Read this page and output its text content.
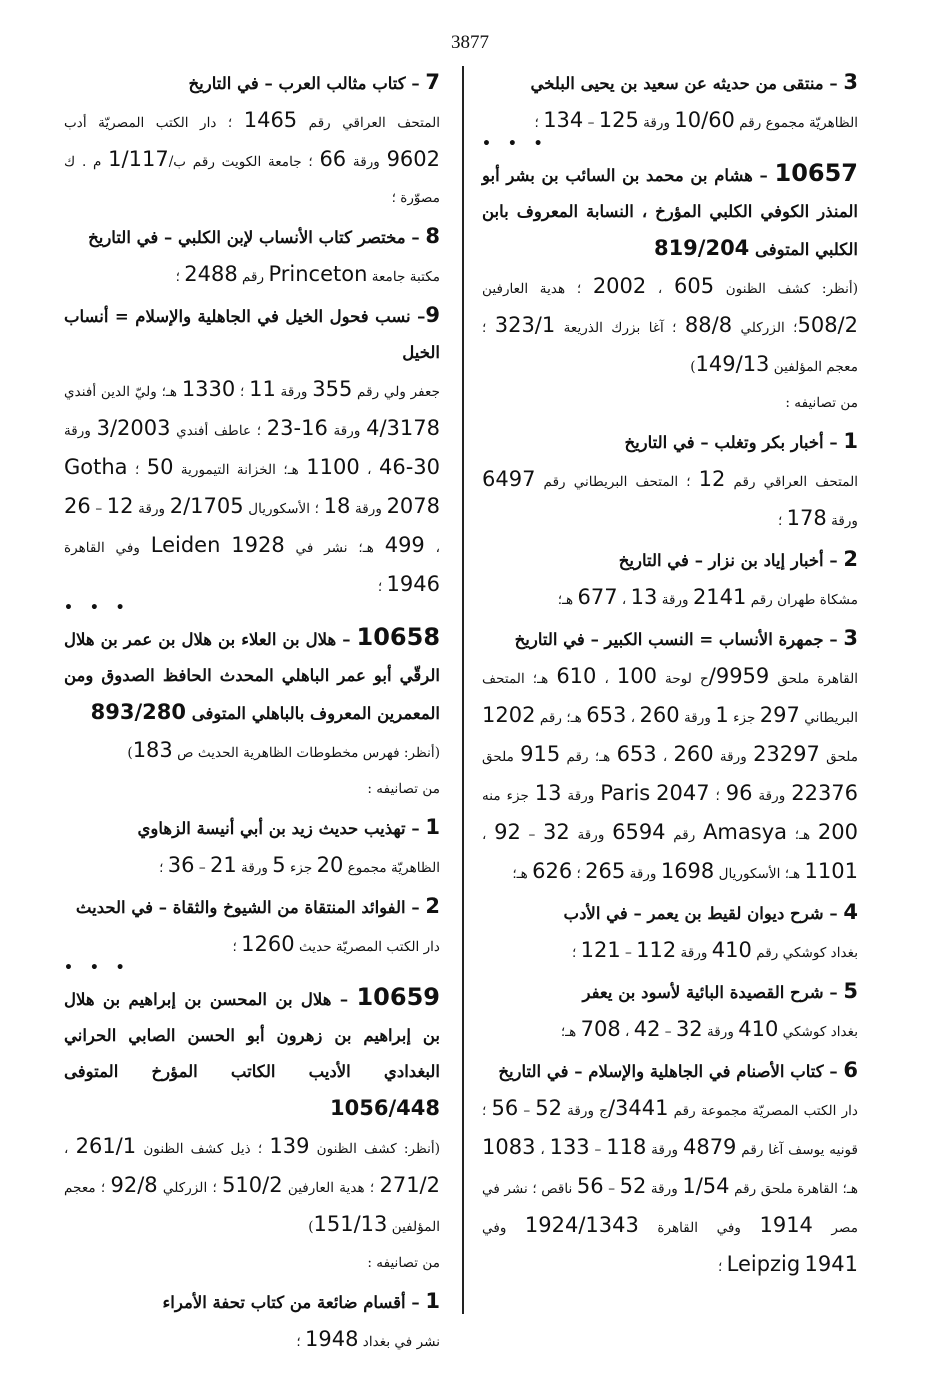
3877
3 – منتقى من حديثه عن سعيد بن يحيى البلخي
الظاهريّة مجموع رقم 10/60 ورقة 125 – 134 ؛
• • •
10657 – هشام بن محمد بن السائب بن بشر أبو المنذر الكوفي الكلبي المؤرخ ، النسابة المعروف بابن الكلبي المتوفى 819/204
(أنظر: كشف الظنون 605 ، 2002 ؛ هدية العارفين 508/2؛ الزركلي 88/8 ؛ آغا بزرك الذريعة 323/1 ؛ معجم المؤلفين 149/13)
من تصانيفه :
1 – أخبار بكر وتغلب – في التاريخ
المتحف العراقي رقم 12 ؛ المتحف البريطاني رقم 6497 ورقة 178 ؛
2 – أخبار إياد بن نزار – في التاريخ
مشكاة طهران رقم 2141 ورقة 13 ، 677 هـ؛
3 – جمهرة الأنساب = النسب الكبير – في التاريخ
القاهرة ملحق 9959/ح لوحة 100 ، 610 هـ؛ المتحف البريطاني 297 جزء 1 ورقة 260 ، 653 هـ؛ رقم 1202 ملحق 23297 ورقة 260 ، 653 هـ؛ رقم 915 ملحق 22376 ورقة 96 ؛ Paris 2047 ورقة 13 جزء منه 200 هـ؛ Amasya رقم 6594 ورقة 32 – 92 ، 1101 هـ؛ الأسكوريال 1698 ورقة 265 ؛ 626 هـ؛
4 – شرح ديوان لقيط بن يعمر – في الأدب
بغداد كوشكي رقم 410 ورقة 112 – 121 ؛
5 – شرح القصيدة البائية لأسود بن يعفر
بغداد كوشكي 410 ورقة 32 – 42 ، 708 هـ؛
6 – كتاب الأصنام في الجاهلية والإسلام – في التاريخ
دار الكتب المصريّة مجموعة رقم 3441/ج ورقة 52 – 56 ؛ قونيه يوسف آغا رقم 4879 ورقة 118 – 133 ، 1083 هـ؛ القاهرة ملحق رقم 1/54 ورقة 52 – 56 ناقص ؛ نشر في مصر 1914 وفي القاهرة 1924/1343 وفي Leipzig 1941 ؛
7 – كتاب مثالب العرب – في التاريخ
المتحف العراقي رقم 1465 ؛ دار الكتب المصريّة أدب 9602 ورقة 66 ؛ جامعة الكويت رقم ب/1/117 م . ك مصوّرة ؛
8 – مختصر كتاب الأنساب لإبن الكلبي – في التاريخ
مكتبة جامعة Princeton رقم 2488 ؛
9– نسب فحول الخيل في الجاهلية والإسلام = أنساب الخيل
جعفر ولي رقم 355 ورقة 11 ؛ 1330 هـ؛ وليّ الدين أفندي 4/3178 ورقة 16-23 ؛ عاطف أفندي 3/2003 ورقة 30-46 ، 1100 هـ؛ الخزانة التيمورية 50 ؛ Gotha 2078 ورقة 18 ؛ الأسكوريال 2/1705 ورقة 12 – 26 ، 499 هـ؛ نشر في Leiden 1928 وفي القاهرة 1946 ؛
• • •
10658 – هلال بن العلاء بن هلال بن عمر بن هلال الرقّي أبو عمر الباهلي المحدث الحافظ الصدوق ومن المعمرين المعروف بالباهلي المتوفى 893/280
(أنظر: فهرس مخطوطات الظاهرية الحديث ص 183)
من تصانيفه :
1 – تهذيب حديث زيد بن أبي أنيسة الزهاوي
الظاهريّة مجموع 20 جزء 5 ورقة 21 – 36 ؛
2 – الفوائد المنتقاة من الشيوخ والثقاة – في الحديث
دار الكتب المصريّة حديث 1260 ؛
• • •
10659 – هلال بن المحسن بن إبراهيم بن هلال بن إبراهيم بن زهرون أبو الحسن الصابي الحراني البغدادي الأديب الكاتب المؤرخ المتوفى 1056/448
(أنظر: كشف الظنون 139 ؛ ذيل كشف الظنون 261/1 ، 271/2 ؛ هدية العارفين 510/2 ؛ الزركلي 92/8 ؛ معجم المؤلفين 151/13)
من تصانيفه :
1 – أقسام ضائعة من كتاب تحفة الأمراء
نشر في بغداد 1948 ؛
